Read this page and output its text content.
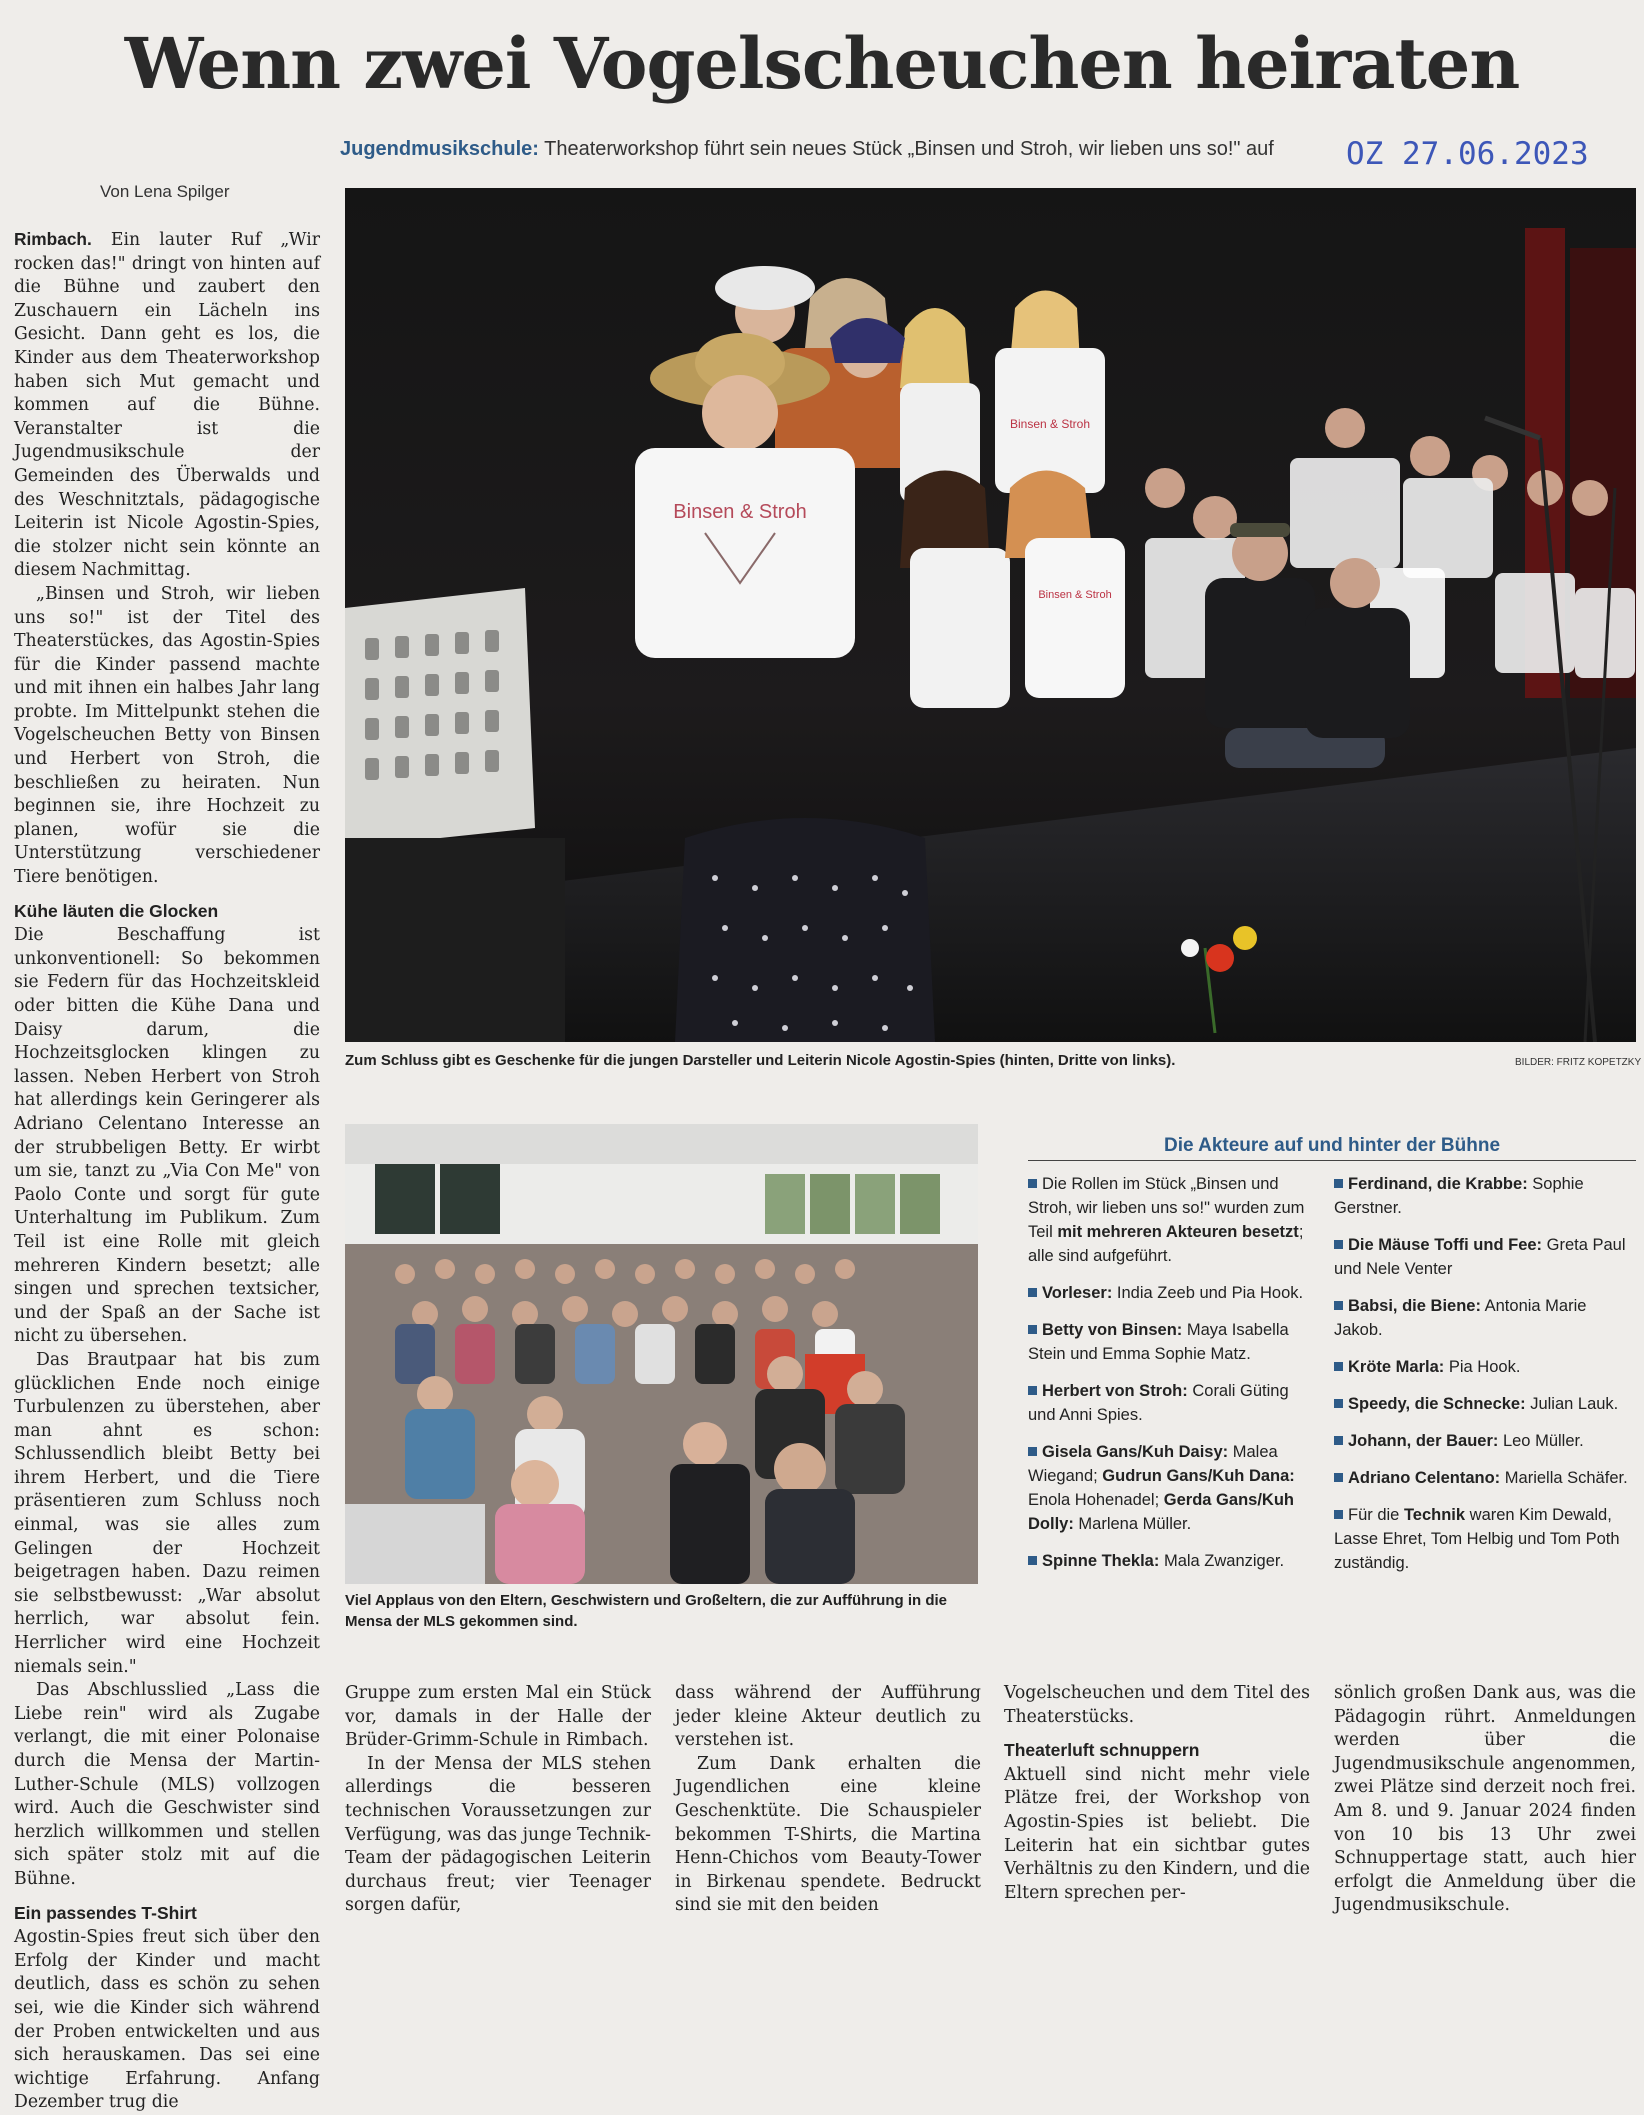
Wenn zwei Vogelscheuchen heiraten
Jugendmusikschule: Theaterworkshop führt sein neues Stück „Binsen und Stroh, wir lieben uns so!" auf OZ 27.06.2023
Von Lena Spilger

Rimbach. Ein lauter Ruf „Wir rocken das!" dringt von hinten auf die Bühne und zaubert den Zuschauern ein Lächeln ins Gesicht. Dann geht es los, die Kinder aus dem Theaterworkshop haben sich Mut gemacht und kommen auf die Bühne. Veranstalter ist die Jugendmusikschule der Gemeinden des Überwalds und des Weschnitztals, pädagogische Leiterin ist Nicole Agostin-Spies, die stolzer nicht sein könnte an diesem Nachmittag.

„Binsen und Stroh, wir lieben uns so!" ist der Titel des Theaterstückes, das Agostin-Spies für die Kinder passend machte und mit ihnen ein halbes Jahr lang probte. Im Mittelpunkt stehen die Vogelscheuchen Betty von Binsen und Herbert von Stroh, die beschließen zu heiraten. Nun beginnen sie, ihre Hochzeit zu planen, wofür sie die Unterstützung verschiedener Tiere benötigen.

Kühe läuten die Glocken

Die Beschaffung ist unkonventionell: So bekommen sie Federn für das Hochzeitskleid oder bitten die Kühe Dana und Daisy darum, die Hochzeitsglocken klingen zu lassen. Neben Herbert von Stroh hat allerdings kein Geringerer als Adriano Celentano Interesse an der strubbeligen Betty. Er wirbt um sie, tanzt zu „Via Con Me" von Paolo Conte und sorgt für gute Unterhaltung im Publikum. Zum Teil ist eine Rolle mit gleich mehreren Kindern besetzt; alle singen und sprechen textsicher, und der Spaß an der Sache ist nicht zu übersehen.

Das Brautpaar hat bis zum glücklichen Ende noch einige Turbulenzen zu überstehen, aber man ahnt es schon: Schlussendlich bleibt Betty bei ihrem Herbert, und die Tiere präsentieren zum Schluss noch einmal, was sie alles zum Gelingen der Hochzeit beigetragen haben. Dazu reimen sie selbstbewusst: „War absolut herrlich, war absolut fein. Herrlicher wird eine Hochzeit niemals sein."

Das Abschlusslied „Lass die Liebe rein" wird als Zugabe verlangt, die mit einer Polonaise durch die Mensa der Martin-Luther-Schule (MLS) vollzogen wird. Auch die Geschwister sind herzlich willkommen und stellen sich später stolz mit auf die Bühne.

Ein passendes T-Shirt

Agostin-Spies freut sich über den Erfolg der Kinder und macht deutlich, dass es schön zu sehen sei, wie die Kinder sich während der Proben entwickelten und aus sich herauskamen. Das sei eine wichtige Erfahrung. Anfang Dezember trug die

Binsen & Stroh
Binsen & Stroh
Binsen & Stroh
Zum Schluss gibt es Geschenke für die jungen Darsteller und Leiterin Nicole Agostin-Spies (hinten, Dritte von links).	BILDER: FRITZ KOPETZKY
Viel Applaus von den Eltern, Geschwistern und Großeltern, die zur Aufführung in die Mensa der MLS gekommen sind.
Die Akteure auf und hinter der Bühne
Die Rollen im Stück „Binsen und Stroh, wir lieben uns so!" wurden zum Teil mit mehreren Akteuren besetzt; alle sind aufgeführt.
Vorleser: India Zeeb und Pia Hook.
Betty von Binsen: Maya Isabella Stein und Emma Sophie Matz.
Herbert von Stroh: Corali Güting und Anni Spies.
Gisela Gans/Kuh Daisy: Malea Wiegand; Gudrun Gans/Kuh Dana: Enola Hohenadel; Gerda Gans/Kuh Dolly: Marlena Müller.
Spinne Thekla: Mala Zwanziger.
Ferdinand, die Krabbe: Sophie Gerstner.
Die Mäuse Toffi und Fee: Greta Paul und Nele Venter
Babsi, die Biene: Antonia Marie Jakob.
Kröte Marla: Pia Hook.
Speedy, die Schnecke: Julian Lauk.
Johann, der Bauer: Leo Müller.
Adriano Celentano: Mariella Schäfer.
Für die Technik waren Kim Dewald, Lasse Ehret, Tom Helbig und Tom Poth zuständig.

Gruppe zum ersten Mal ein Stück vor, damals in der Halle der Brüder-Grimm-Schule in Rimbach.

In der Mensa der MLS stehen allerdings die besseren technischen Voraussetzungen zur Verfügung, was das junge Technik-Team der pädagogischen Leiterin durchaus freut; vier Teenager sorgen dafür,

dass während der Aufführung jeder kleine Akteur deutlich zu verstehen ist.

Zum Dank erhalten die Jugendlichen eine kleine Geschenktüte. Die Schauspieler bekommen T-Shirts, die Martina Henn-Chichos vom Beauty-Tower in Birkenau spendete. Bedruckt sind sie mit den beiden

Vogelscheuchen und dem Titel des Theaterstücks.

Theaterluft schnuppern

Aktuell sind nicht mehr viele Plätze frei, der Workshop von Agostin-Spies ist beliebt. Die Leiterin hat ein sichtbar gutes Verhältnis zu den Kindern, und die Eltern sprechen per-

sönlich großen Dank aus, was die Pädagogin rührt. Anmeldungen werden über die Jugendmusikschule angenommen, zwei Plätze sind derzeit noch frei. Am 8. und 9. Januar 2024 finden von 10 bis 13 Uhr zwei Schnuppertage statt, auch hier erfolgt die Anmeldung über die Jugendmusikschule.
